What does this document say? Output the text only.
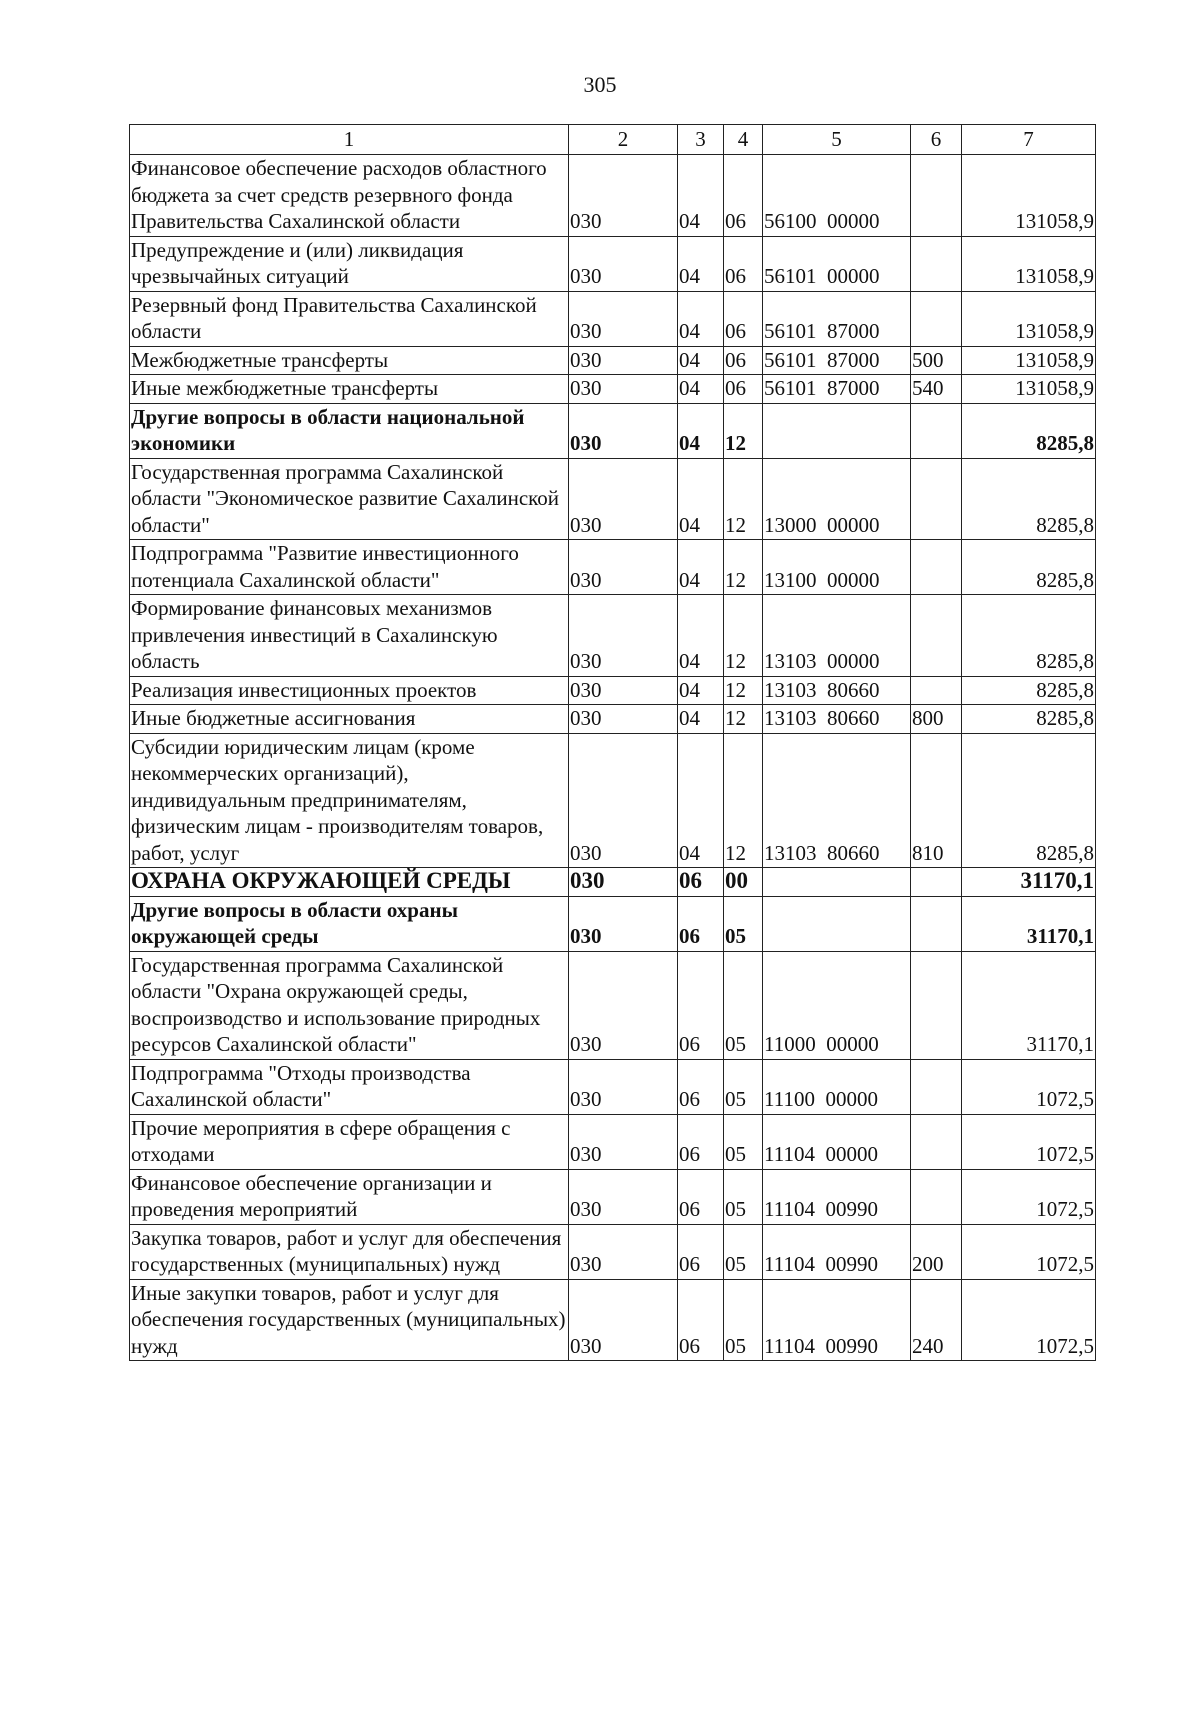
305
1	2	3	4	5	6	7
Финансовое обеспечение расходов областного бюджета за счет средств резервного фонда Правительства Сахалинской области	030	04	06	56100  00000		131058,9
Предупреждение и (или) ликвидация чрезвычайных ситуаций	030	04	06	56101  00000		131058,9
Резервный фонд Правительства Сахалинской области	030	04	06	56101  87000		131058,9
Межбюджетные трансферты	030	04	06	56101  87000	500	131058,9
Иные межбюджетные трансферты	030	04	06	56101  87000	540	131058,9
Другие вопросы в области национальной экономики	030	04	12			8285,8
Государственная программа Сахалинской области "Экономическое развитие Сахалинской области"	030	04	12	13000  00000		8285,8
Подпрограмма "Развитие инвестиционного потенциала Сахалинской области"	030	04	12	13100  00000		8285,8
Формирование финансовых механизмов привлечения инвестиций в Сахалинскую область	030	04	12	13103  00000		8285,8
Реализация инвестиционных проектов	030	04	12	13103  80660		8285,8
Иные бюджетные ассигнования	030	04	12	13103  80660	800	8285,8
Субсидии юридическим лицам (кроме некоммерческих организаций), индивидуальным предпринимателям, физическим лицам - производителям товаров, работ, услуг	030	04	12	13103  80660	810	8285,8
ОХРАНА ОКРУЖАЮЩЕЙ СРЕДЫ	030	06	00			31170,1
Другие вопросы в области охраны окружающей среды	030	06	05			31170,1
Государственная программа Сахалинской области "Охрана окружающей среды, воспроизводство и использование природных ресурсов Сахалинской области"	030	06	05	11000  00000		31170,1
Подпрограмма "Отходы производства Сахалинской области"	030	06	05	11100  00000		1072,5
Прочие мероприятия в сфере обращения с отходами	030	06	05	11104  00000		1072,5
Финансовое обеспечение организации и проведения мероприятий	030	06	05	11104  00990		1072,5
Закупка товаров, работ и услуг для обеспечения государственных (муниципальных) нужд	030	06	05	11104  00990	200	1072,5
Иные закупки товаров, работ и услуг для обеспечения государственных (муниципальных) нужд	030	06	05	11104  00990	240	1072,5
